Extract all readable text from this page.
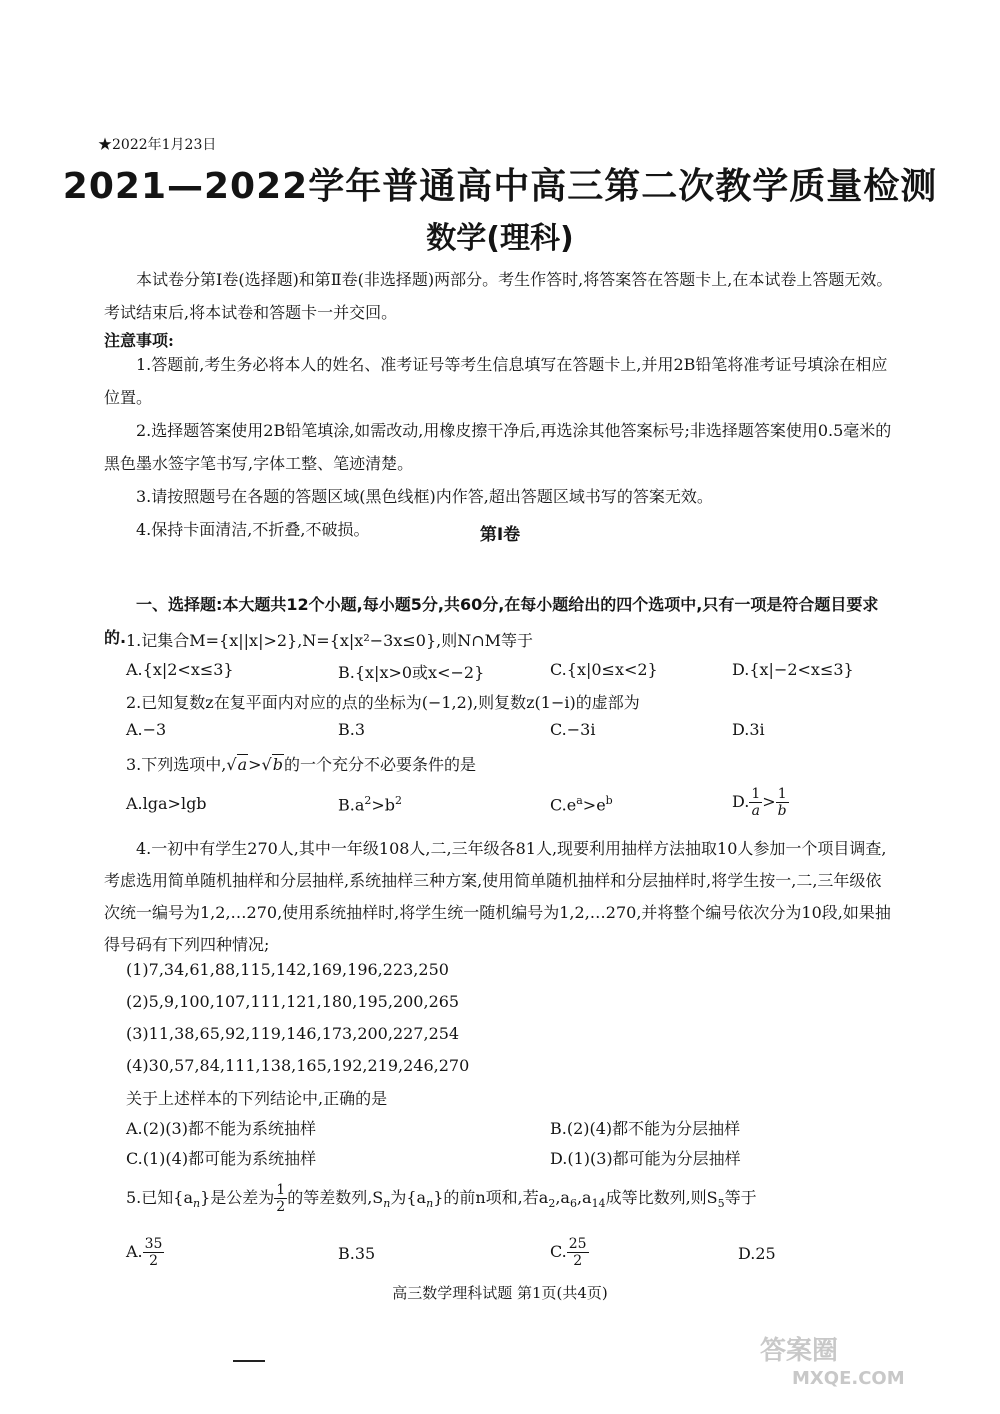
★2022年1月23日
2021—2022学年普通高中高三第二次教学质量检测
数学(理科)
本试卷分第Ⅰ卷(选择题)和第Ⅱ卷(非选择题)两部分。考生作答时,将答案答在答题卡上,在本试卷上答题无效。考试结束后,将本试卷和答题卡一并交回。
注意事项:

1.答题前,考生务必将本人的姓名、准考证号等考生信息填写在答题卡上,并用2B铅笔将准考证号填涂在相应位置。

2.选择题答案使用2B铅笔填涂,如需改动,用橡皮擦干净后,再选涂其他答案标号;非选择题答案使用0.5毫米的黑色墨水签字笔书写,字体工整、笔迹清楚。

3.请按照题号在各题的答题区域(黑色线框)内作答,超出答题区域书写的答案无效。

4.保持卡面清洁,不折叠,不破损。	第Ⅰ卷
一、选择题:本大题共12个小题,每小题5分,共60分,在每小题给出的四个选项中,只有一项是符合题目要求的. 1.记集合M={x||x|>2},N={x|x²−3x≤0},则N∩M等于
A.{x|2<x≤3}	B.{x|x>0或x<−2}	C.{x|0≤x<2}	D.{x|−2<x≤3}
2.已知复数z在复平面内对应的点的坐标为(−1,2),则复数z(1−i)的虚部为
A.−3	B.3	C.−3i	D.3i
3.下列选项中,√a>√b的一个充分不必要条件的是
A.lga>lgb	$B.a^2>b^2$	$C.e^a>e^b$	D. $\frac{1}{a} > \frac{1}{b}$
4.一初中有学生270人,其中一年级108人,二,三年级各81人,现要利用抽样方法抽取10人参加一个项目调查,考虑选用简单随机抽样和分层抽样,系统抽样三种方案,使用简单随机抽样和分层抽样时,将学生按一,二,三年级依次统一编号为1,2,…270,使用系统抽样时,将学生统一随机编号为1,2,…270,并将整个编号依次分为10段,如果抽得号码有下列四种情况;
(1)7,34,61,88,115,142,169,196,223,250
(2)5,9,100,107,111,121,180,195,200,265
(3)11,38,65,92,119,146,173,200,227,254
(4)30,57,84,111,138,165,192,219,246,270
关于上述样本的下列结论中,正确的是
A.(2)(3)都不能为系统抽样	B.(2)(4)都不能为分层抽样
C.(1)(4)都可能为系统抽样	D.(1)(3)都可能为分层抽样
5.已知$\{a_n\}$是公差为 $\frac{1}{2}$ 的等差数列$,S_n$为$\{a_n\}$的前n项和,若$a_2,a_6,a_{14}$成等比数列,则$S_5$等于
A. $\frac{35}{2}$	B.35	C. $\frac{25}{2}$	D.25
高三数学理科试题 第1页(共4页)
答案圈
MXQE.COM
